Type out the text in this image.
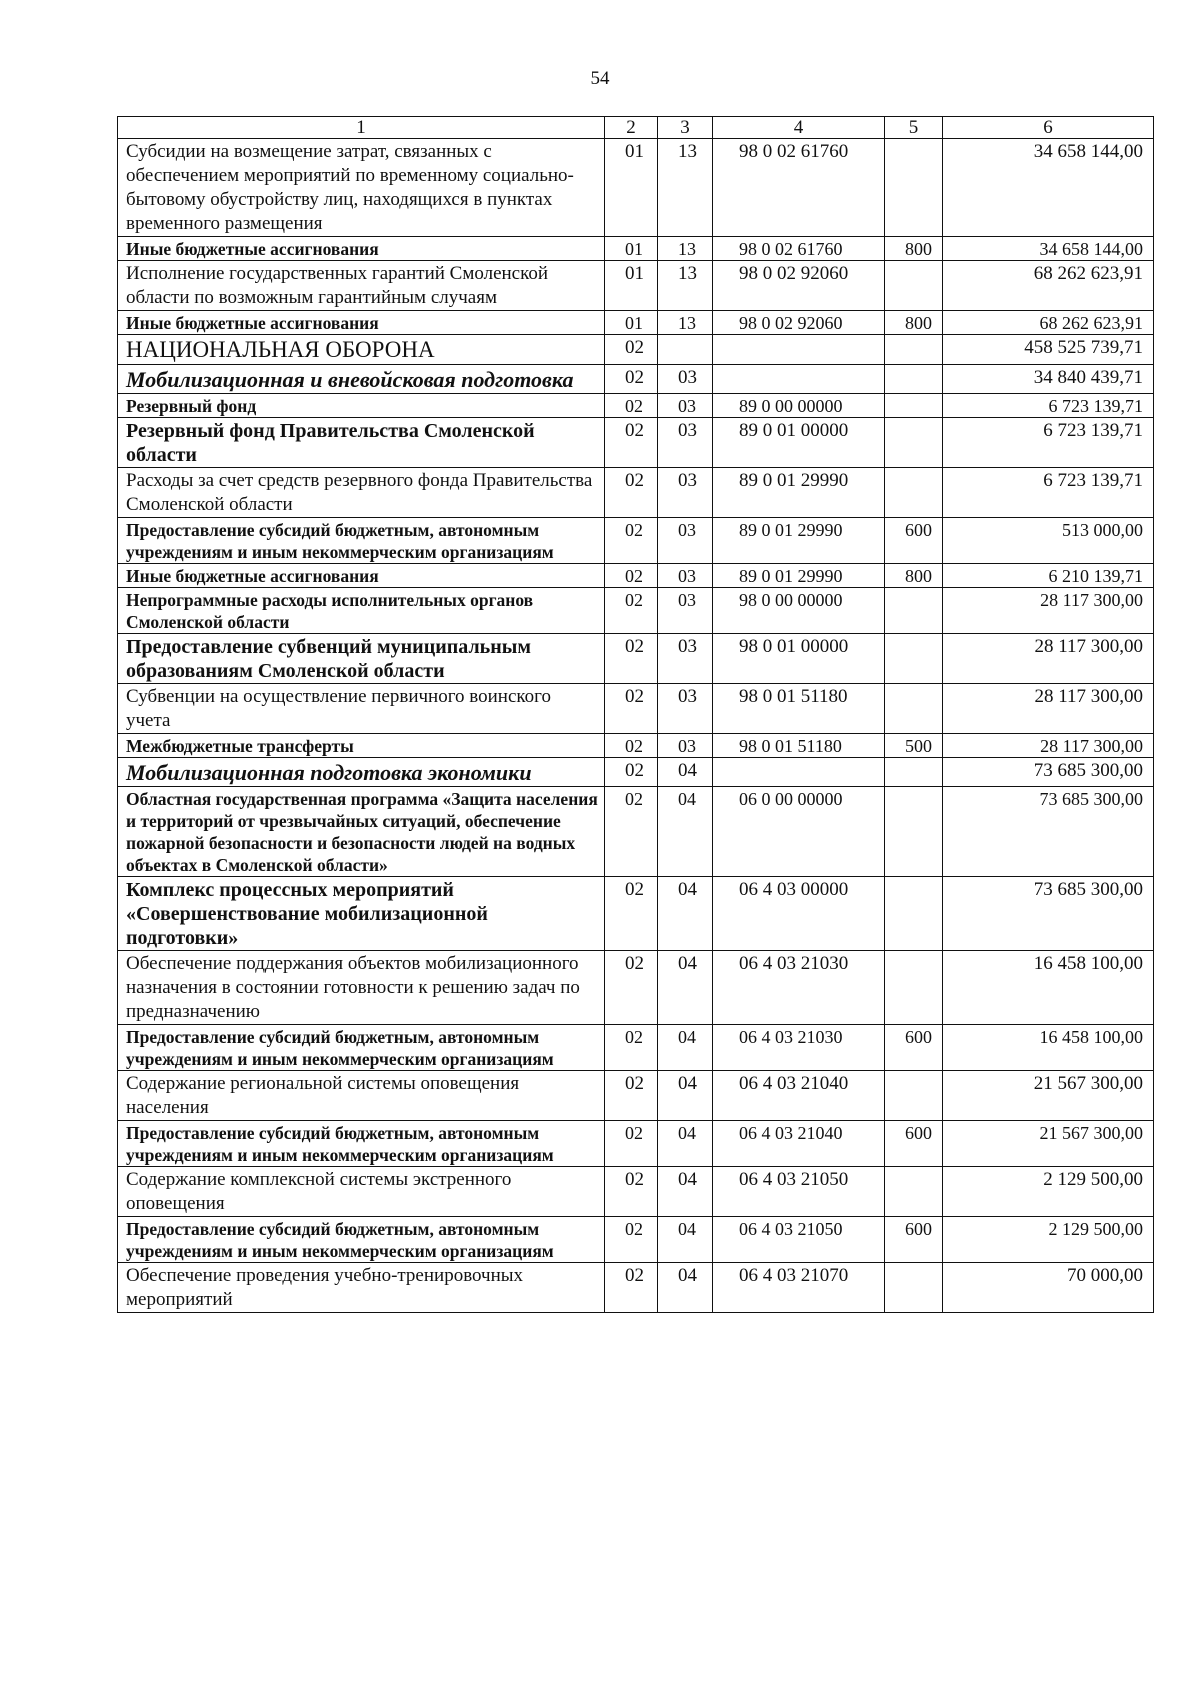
54
1	2	3	4	5	6
Субсидии на возмещение затрат, связанных с обеспечением мероприятий по временному социально-бытовому обустройству лиц, находящихся в пунктах временного размещения	01	13	98 0 02 61760		34 658 144,00
Иные бюджетные ассигнования	01	13	98 0 02 61760	800	34 658 144,00
Исполнение государственных гарантий Смоленской области по возможным гарантийным случаям	01	13	98 0 02 92060		68 262 623,91
Иные бюджетные ассигнования	01	13	98 0 02 92060	800	68 262 623,91
НАЦИОНАЛЬНАЯ ОБОРОНА	02				458 525 739,71
Мобилизационная и вневойсковая подготовка	02	03			34 840 439,71
Резервный фонд	02	03	89 0 00 00000		6 723 139,71
Резервный фонд Правительства Смоленской области	02	03	89 0 01 00000		6 723 139,71
Расходы за счет средств резервного фонда Правительства Смоленской области	02	03	89 0 01 29990		6 723 139,71
Предоставление субсидий бюджетным, автономным учреждениям и иным некоммерческим организациям	02	03	89 0 01 29990	600	513 000,00
Иные бюджетные ассигнования	02	03	89 0 01 29990	800	6 210 139,71
Непрограммные расходы исполнительных органов Смоленской области	02	03	98 0 00 00000		28 117 300,00
Предоставление субвенций муниципальным образованиям Смоленской области	02	03	98 0 01 00000		28 117 300,00
Субвенции на осуществление первичного воинского учета	02	03	98 0 01 51180		28 117 300,00
Межбюджетные трансферты	02	03	98 0 01 51180	500	28 117 300,00
Мобилизационная подготовка экономики	02	04			73 685 300,00
Областная государственная программа «Защита населения и территорий от чрезвычайных ситуаций, обеспечение пожарной безопасности и безопасности людей на водных объектах в Смоленской области»	02	04	06 0 00 00000		73 685 300,00
Комплекс процессных мероприятий «Совершенствование мобилизационной подготовки»	02	04	06 4 03 00000		73 685 300,00
Обеспечение поддержания объектов мобилизационного назначения в состоянии готовности к решению задач по предназначению	02	04	06 4 03 21030		16 458 100,00
Предоставление субсидий бюджетным, автономным учреждениям и иным некоммерческим организациям	02	04	06 4 03 21030	600	16 458 100,00
Содержание региональной системы оповещения населения	02	04	06 4 03 21040		21 567 300,00
Предоставление субсидий бюджетным, автономным учреждениям и иным некоммерческим организациям	02	04	06 4 03 21040	600	21 567 300,00
Содержание комплексной системы экстренного оповещения	02	04	06 4 03 21050		2 129 500,00
Предоставление субсидий бюджетным, автономным учреждениям и иным некоммерческим организациям	02	04	06 4 03 21050	600	2 129 500,00
Обеспечение проведения учебно-тренировочных мероприятий	02	04	06 4 03 21070		70 000,00
